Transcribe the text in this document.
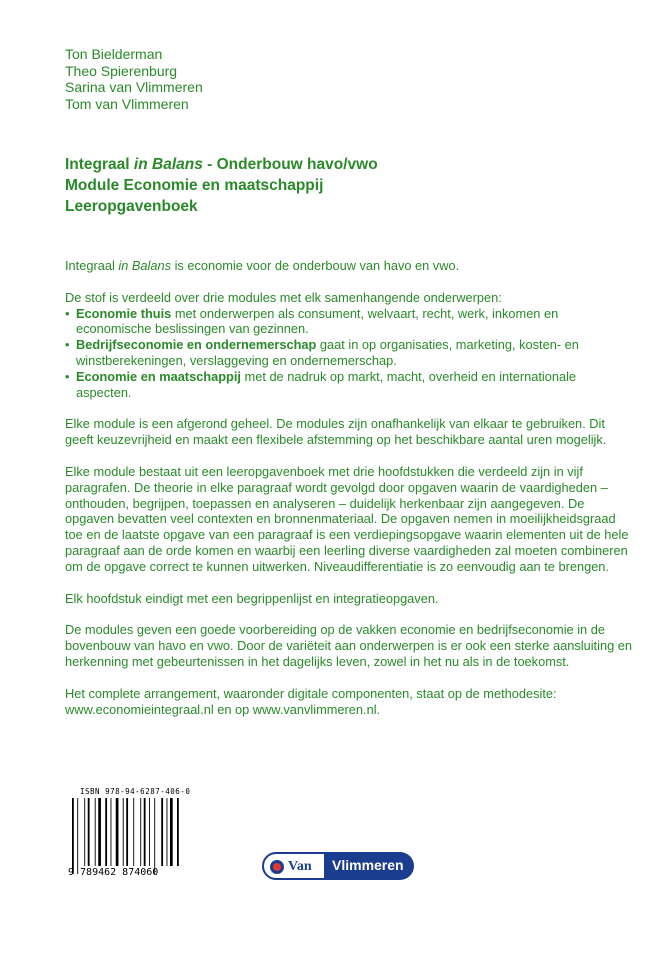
Ton Bielderman
Theo Spierenburg
Sarina van Vlimmeren
Tom van Vlimmeren
Integraal in Balans - Onderbouw havo/vwo
Module Economie en maatschappij
Leeropgavenboek

Integraal in Balans is economie voor de onderbouw van havo en vwo.

De stof is verdeeld over drie modules met elk samenhangende onderwerpen:
• Economie thuis met onderwerpen als consument, welvaart, recht, werk, inkomen en economische beslissingen van gezinnen.
• Bedrijfseconomie en ondernemerschap gaat in op organisaties, marketing, kosten- en winstberekeningen, verslaggeving en ondernemerschap.
• Economie en maatschappij met de nadruk op markt, macht, overheid en internationale aspecten.

Elke module is een afgerond geheel. De modules zijn onafhankelijk van elkaar te gebruiken. Dit geeft keuzevrijheid en maakt een flexibele afstemming op het beschikbare aantal uren mogelijk.

Elke module bestaat uit een leeropgavenboek met drie hoofdstukken die verdeeld zijn in vijf paragrafen. De theorie in elke paragraaf wordt gevolgd door opgaven waarin de vaardigheden – onthouden, begrijpen, toepassen en analyseren – duidelijk herkenbaar zijn aangegeven. De opgaven bevatten veel contexten en bronnenmateriaal. De opgaven nemen in moeilijkheidsgraad toe en de laatste opgave van een paragraaf is een verdiepingsopgave waarin elementen uit de hele paragraaf aan de orde komen en waarbij een leerling diverse vaardigheden zal moeten combineren om de opgave correct te kunnen uitwerken. Niveaudifferentiatie is zo eenvoudig aan te brengen.

Elk hoofdstuk eindigt met een begrippenlijst en integratieopgaven.

De modules geven een goede voorbereiding op de vakken economie en bedrijfseconomie in de bovenbouw van havo en vwo. Door de variëteit aan onderwerpen is er ook een sterke aansluiting en herkenning met gebeurtenissen in het dagelijks leven, zowel in het nu als in de toekomst.

Het complete arrangement, waaronder digitale componenten, staat op de methodesite: www.economieintegraal.nl en op www.vanvlimmeren.nl.

ISBN 978-94-6287-406-0
9 789462 874060	Van Vlimmeren
